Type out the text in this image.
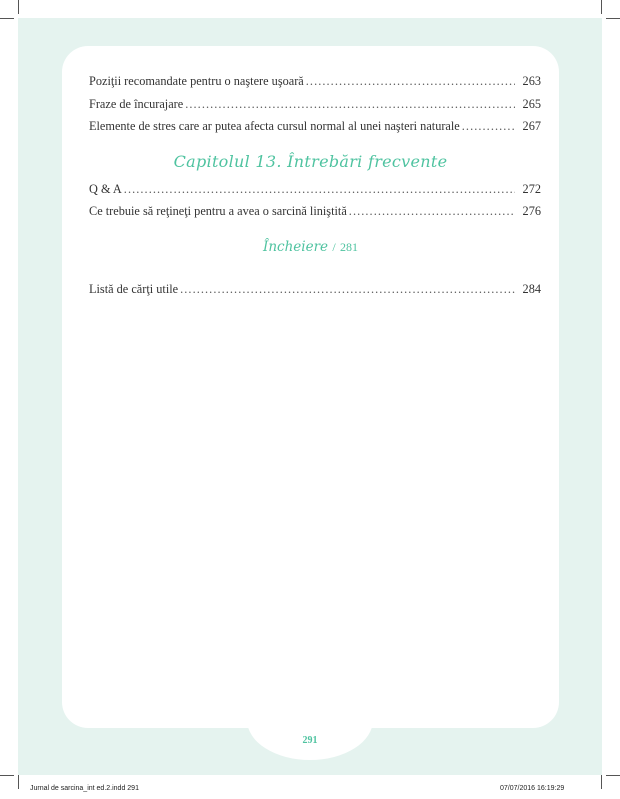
Poziţii recomandate pentru o naştere uşoară . . .	263
Fraze de încurajare . . .	265
Elemente de stres care ar putea afecta cursul normal al unei naşteri naturale . . .	267
Capitolul 13. Întrebări frecvente
Q & A . . .	272
Ce trebuie să reţineţi pentru a avea o sarcină liniştită . . .	276
Încheiere / 281
Listă de cărţi utile . . .	284
291
Jurnal de sarcina_int ed.2.indd 291	07/07/2016 16:19:29
